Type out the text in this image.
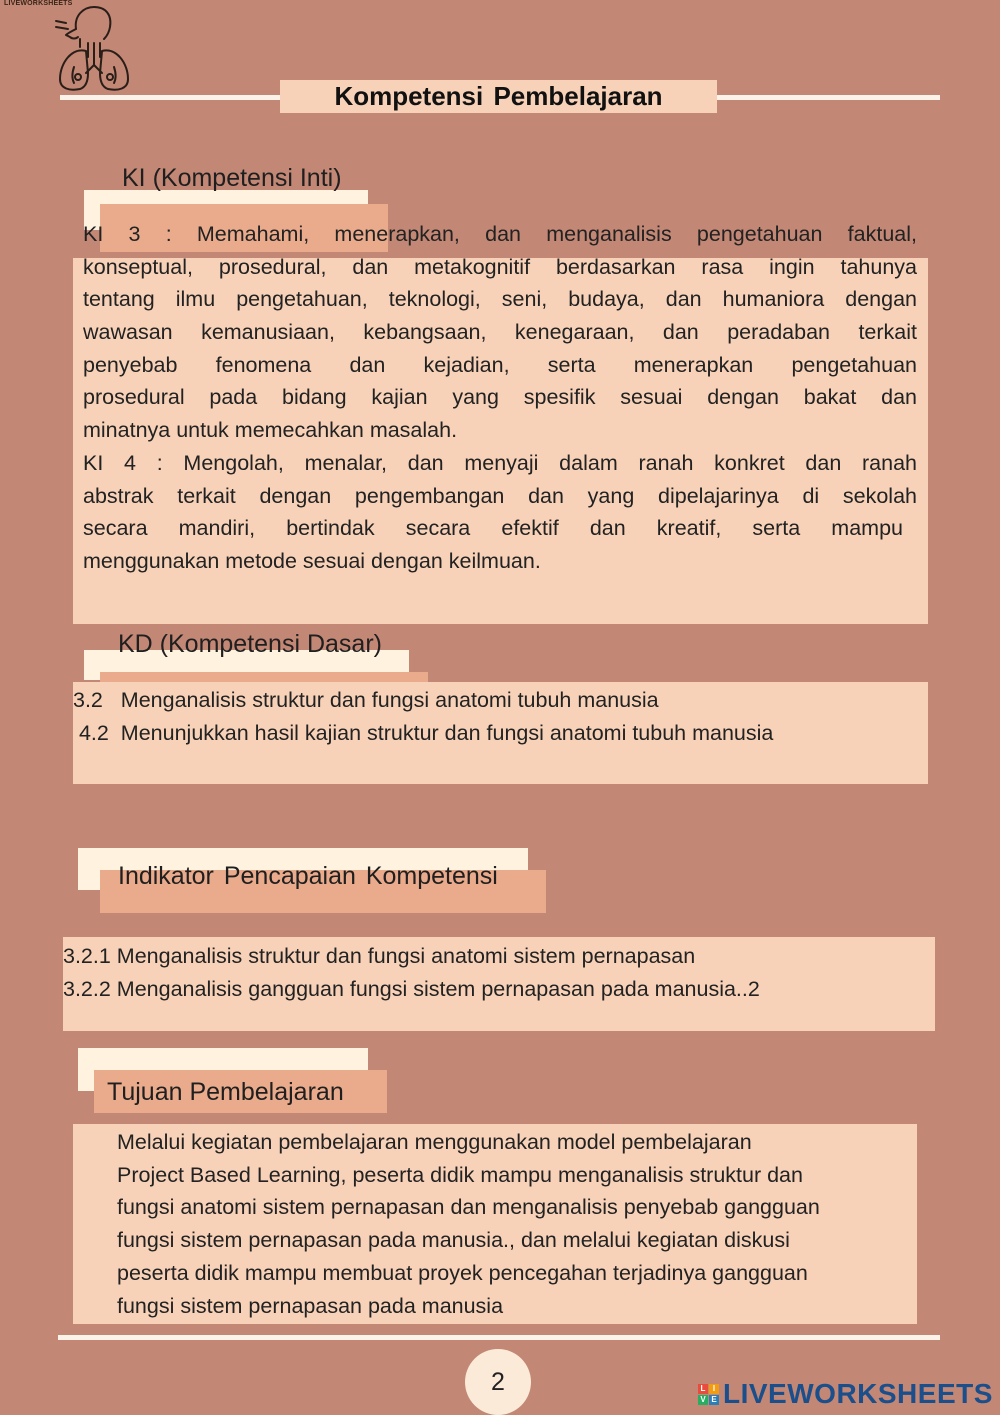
LIVEWORKSHEETS
Kompetensi Pembelajaran
KI (Kompetensi Inti)
KI 3 : Memahami, menerapkan, dan menganalisis pengetahuan faktual,
konseptual, prosedural, dan metakognitif berdasarkan rasa ingin tahunya
tentang ilmu pengetahuan, teknologi, seni, budaya, dan humaniora dengan
wawasan kemanusiaan, kebangsaan, kenegaraan, dan peradaban terkait
penyebab fenomena dan kejadian, serta menerapkan pengetahuan
prosedural pada bidang kajian yang spesifik sesuai dengan bakat dan
minatnya untuk memecahkan masalah.
KI 4 : Mengolah, menalar, dan menyaji dalam ranah konkret dan ranah
abstrak terkait dengan pengembangan dan yang dipelajarinya di sekolah
secara mandiri, bertindak secara efektif dan kreatif, serta mampu
menggunakan metode sesuai dengan keilmuan.
KD (Kompetensi Dasar)
3.2   Menganalisis struktur dan fungsi anatomi tubuh manusia
4.2  Menunjukkan hasil kajian struktur dan fungsi anatomi tubuh manusia
Indikator Pencapaian Kompetensi
3.2.1 Menganalisis struktur dan fungsi anatomi sistem pernapasan
3.2.2 Menganalisis gangguan fungsi sistem pernapasan pada manusia..2
Tujuan Pembelajaran
Melalui kegiatan pembelajaran menggunakan model pembelajaran
Project Based Learning, peserta didik mampu menganalisis struktur dan
fungsi anatomi sistem pernapasan dan menganalisis penyebab gangguan
fungsi sistem pernapasan pada manusia., dan melalui kegiatan diskusi
peserta didik mampu membuat proyek pencegahan terjadinya gangguan
fungsi sistem pernapasan pada manusia
2	L I
V E LIVEWORKSHEETS
